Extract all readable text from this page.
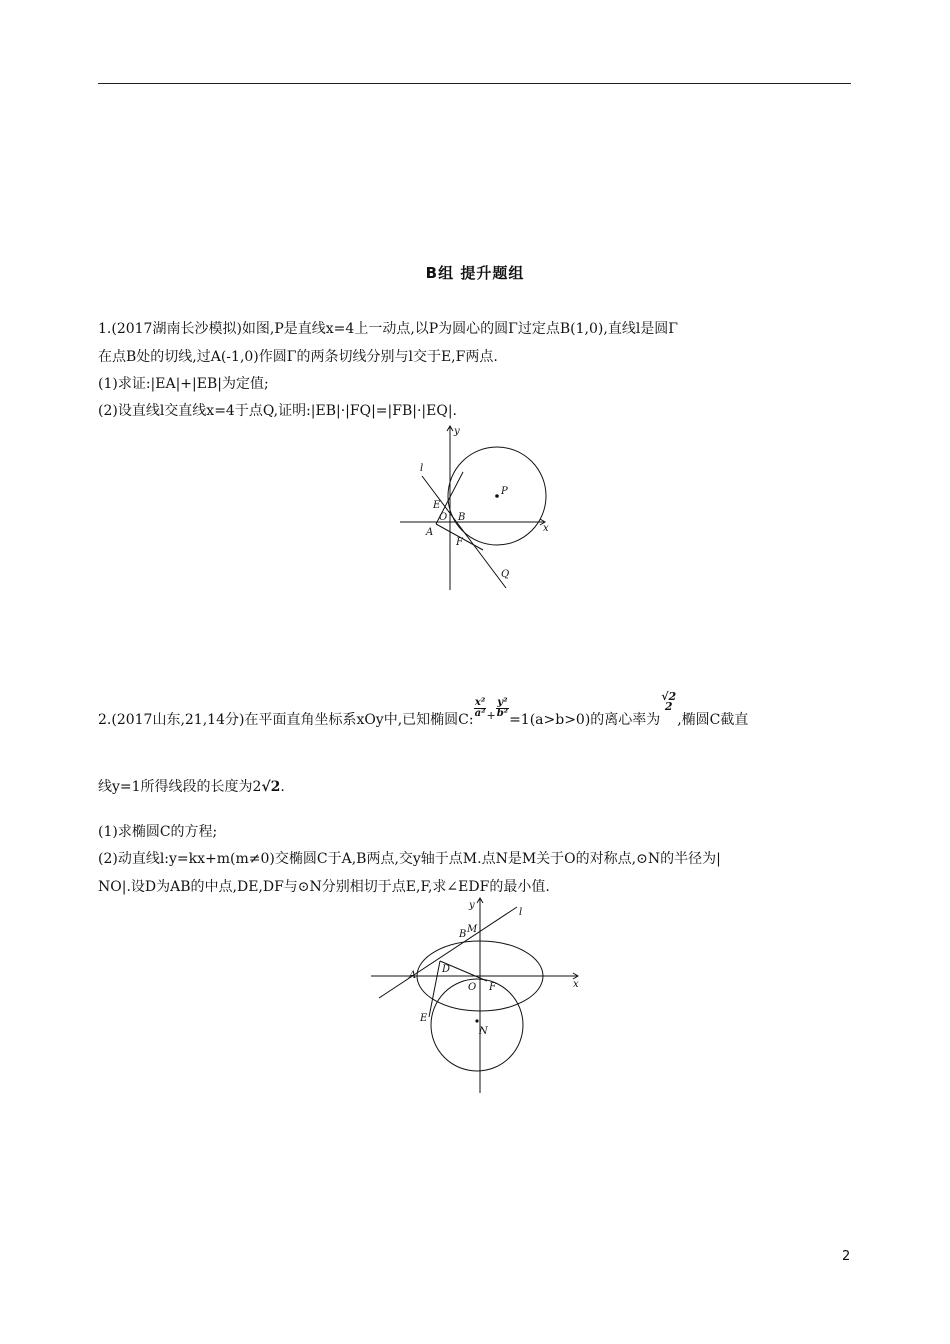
B组 提升题组
1.(2017湖南长沙模拟)如图,P是直线x=4上一动点,以P为圆心的圆Γ过定点B(1,0),直线l是圆Γ
在点B处的切线,过A(-1,0)作圆Γ的两条切线分别与l交于E,F两点.
(1)求证:|EA|+|EB|为定值;
(2)设直线l交直线x=4于点Q,证明:|EB|·|FQ|=|FB|·|EQ|.
y
x
l
E
O B
A
F
P
Q
2.(2017山东,21,14分)在平面直角坐标系xOy中,已知椭圆C:
$\frac{\text{x²}}{\text{a²}} ^+ \frac{\text{y²}}{\text{b²}}$
=1(a>b>0)的离心率为
√2
2
,椭圆C截直
线y=1所得线段的长度为2√2.
(1)求椭圆C的方程;
(2)动直线l:y=kx+m(m≠0)交椭圆C于A,B两点,交y轴于点M.点N是M关于O的对称点,⊙N的半径为|
NO|.设D为AB的中点,DE,DF与⊙N分别相切于点E,F,求∠EDF的最小值.
y
l
M
B
A
D
O F	x
E
N
2
